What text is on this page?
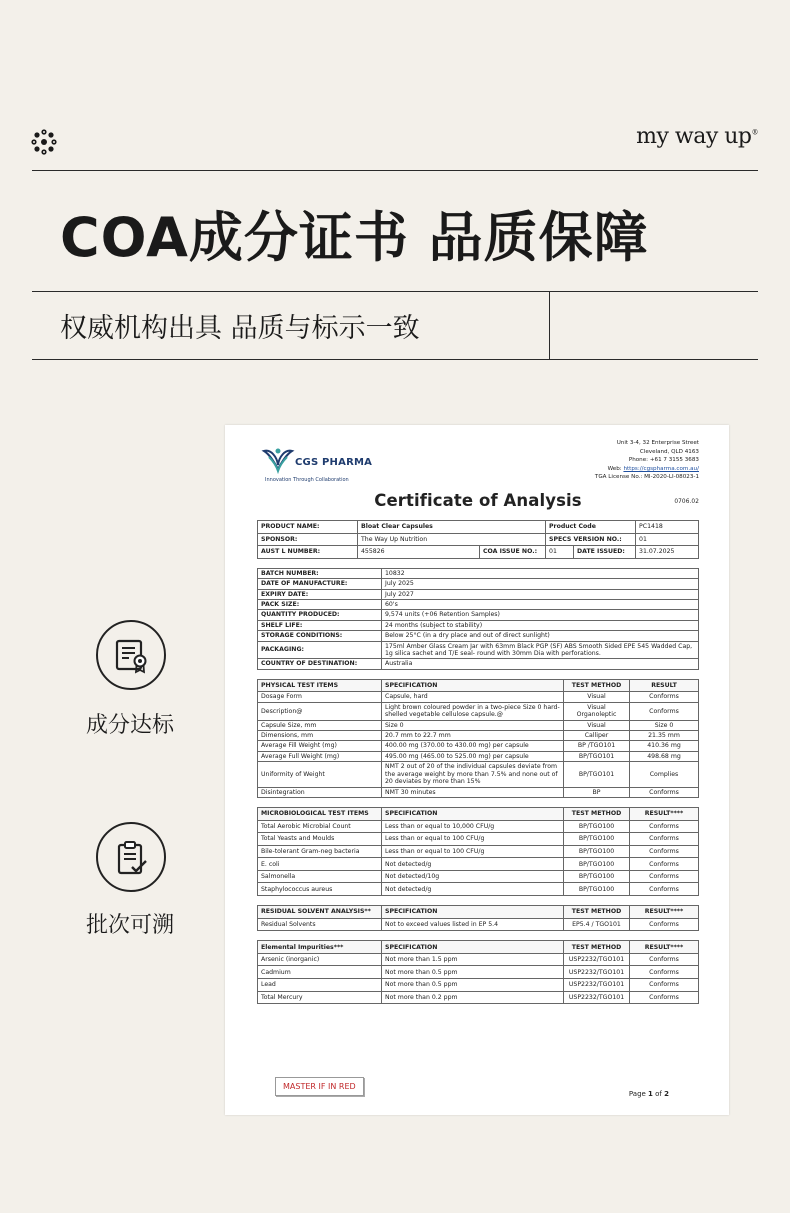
my way up®
COA成分证书 品质保障
权威机构出具 品质与标示一致
成分达标
批次可溯
CGS PHARMA
Innovation Through Collaboration
Unit 3-4, 32 Enterprise Street
Cleveland, QLD 4163
Phone: +61 7 3155 3683
Web: https://cgspharma.com.au/
TGA License No.: MI-2020-LI-08023-1
Certificate of Analysis	0706.02
PRODUCT NAME:	Bloat Clear Capsules		Product Code		PC1418
SPONSOR:	The Way Up Nutrition		SPECS VERSION NO.:		01
AUST L NUMBER:	455826	COA ISSUE NO.:	01	DATE ISSUED:	31.07.2025
BATCH NUMBER:	10832
DATE OF MANUFACTURE:	July 2025
EXPIRY DATE:	July 2027
PACK SIZE:	60's
QUANTITY PRODUCED:	9,574 units (+06 Retention Samples)
SHELF LIFE:	24 months (subject to stability)
STORAGE CONDITIONS:	Below 25°C (in a dry place and out of direct sunlight)
PACKAGING:	175ml Amber Glass Cream Jar with 63mm Black PGP (SF) ABS Smooth Sided EPE 545 Wadded Cap, 1g silica sachet and T/E seal- round with 30mm Dia with perforations.
COUNTRY OF DESTINATION:	Australia
PHYSICAL TEST ITEMS	SPECIFICATION	TEST METHOD	RESULT
Dosage Form	Capsule, hard	Visual	Conforms
Description@	Light brown coloured powder in a two-piece Size 0 hard-shelled vegetable cellulose capsule.@	Visual Organoleptic	Conforms
Capsule Size, mm	Size 0	Visual	Size 0
Dimensions, mm	20.7 mm to 22.7 mm	Calliper	21.35 mm
Average Fill Weight (mg)	400.00 mg (370.00 to 430.00 mg) per capsule	BP /TGO101	410.36 mg
Average Full Weight (mg)	495.00 mg (465.00 to 525.00 mg) per capsule	BP/TGO101	498.68 mg
Uniformity of Weight	NMT 2 out of 20 of the individual capsules deviate from the average weight by more than 7.5% and none out of 20 deviates by more than 15%	BP/TGO101	Complies
Disintegration	NMT 30 minutes	BP	Conforms
MICROBIOLOGICAL TEST ITEMS	SPECIFICATION	TEST METHOD	RESULT****
Total Aerobic Microbial Count	Less than or equal to 10,000 CFU/g	BP/TGO100	Conforms
Total Yeasts and Moulds	Less than or equal to 100 CFU/g	BP/TGO100	Conforms
Bile-tolerant Gram-neg bacteria	Less than or equal to 100 CFU/g	BP/TGO100	Conforms
E. coli	Not detected/g	BP/TGO100	Conforms
Salmonella	Not detected/10g	BP/TGO100	Conforms
Staphylococcus aureus	Not detected/g	BP/TGO100	Conforms
RESIDUAL SOLVENT ANALYSIS**	SPECIFICATION	TEST METHOD	RESULT****
Residual Solvents	Not to exceed values listed in EP 5.4	EP5.4 / TGO101	Conforms
Elemental Impurities***	SPECIFICATION	TEST METHOD	RESULT****
Arsenic (inorganic)	Not more than 1.5 ppm	USP2232/TGO101	Conforms
Cadmium	Not more than 0.5 ppm	USP2232/TGO101	Conforms
Lead	Not more than 0.5 ppm	USP2232/TGO101	Conforms
Total Mercury	Not more than 0.2 ppm	USP2232/TGO101	Conforms
MASTER IF IN RED
Page 1 of 2
